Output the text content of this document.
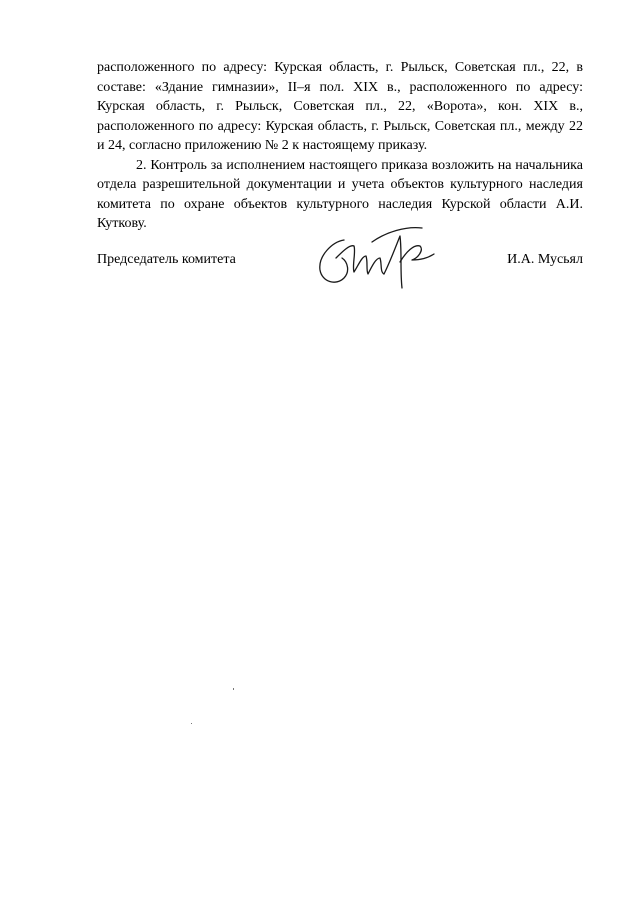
расположенного по адресу: Курская область, г. Рыльск, Советская пл., 22, в составе: «Здание гимназии», II–я пол. XIX в., расположенного по адресу: Курская область, г. Рыльск, Советская пл., 22, «Ворота», кон. XIX в., расположенного по адресу: Курская область, г. Рыльск, Советская пл., между 22 и 24, согласно приложению № 2 к настоящему приказу.

2. Контроль за исполнением настоящего приказа возложить на начальника отдела разрешительной документации и учета объектов культурного наследия комитета по охране объектов культурного наследия Курской области А.И. Куткову.

Председатель комитета	И.А. Мусьял
